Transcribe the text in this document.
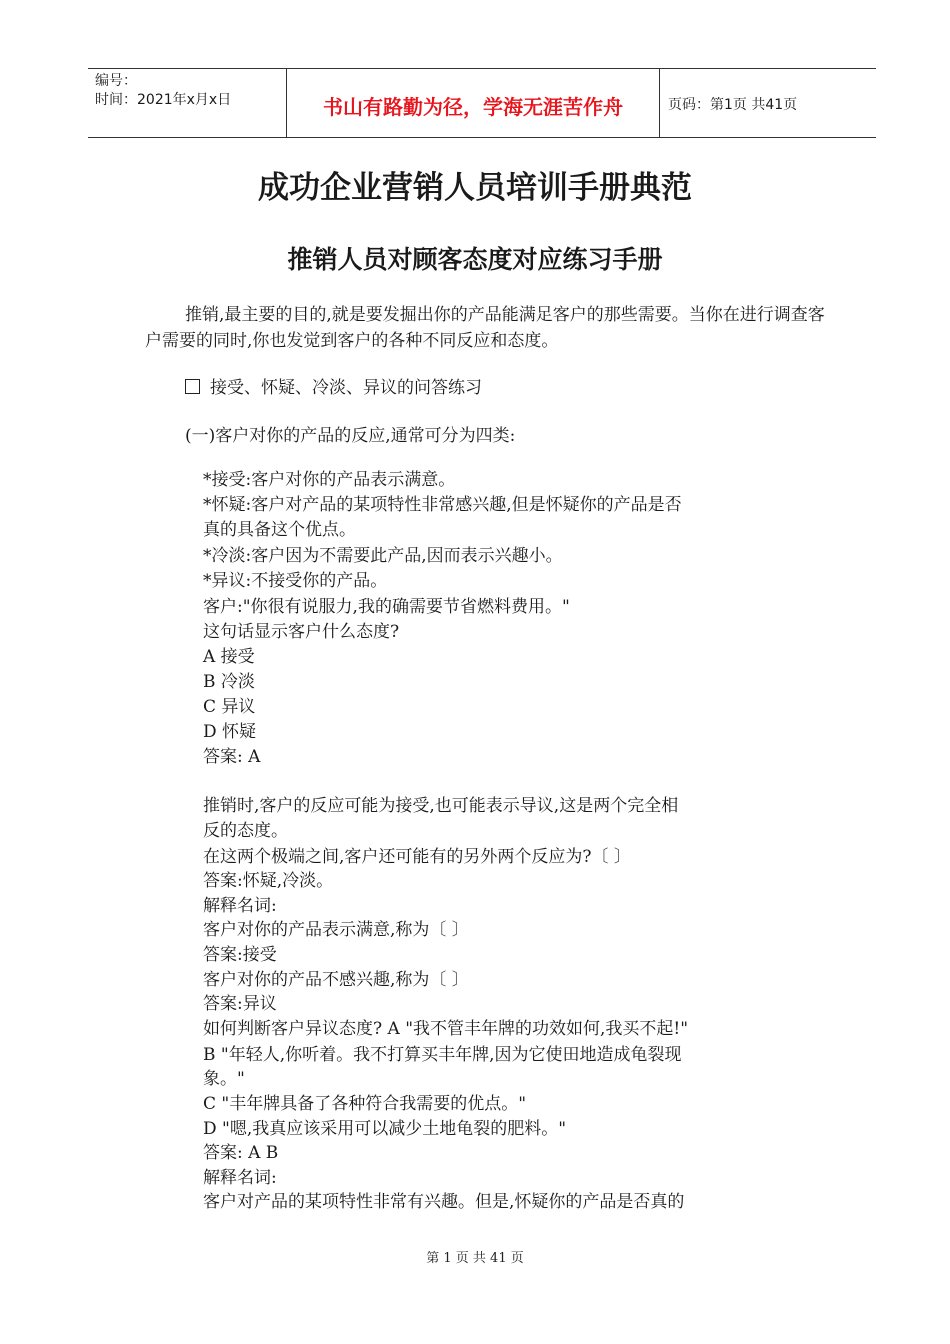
编号：
时间：2021年x月x日	书山有路勤为径，学海无涯苦作舟	页码：第1页 共41页
成功企业营销人员培训手册典范
推销人员对顾客态度对应练习手册

推销,最主要的目的,就是要发掘出你的产品能满足客户的那些需要。当你在进行调查客户需要的同时,你也发觉到客户的各种不同反应和态度。

接受、怀疑、冷淡、异议的问答练习
(一)客户对你的产品的反应,通常可分为四类:
*接受:客户对你的产品表示满意。
*怀疑:客户对产品的某项特性非常感兴趣,但是怀疑你的产品是否
真的具备这个优点。
*冷淡:客户因为不需要此产品,因而表示兴趣小。
*异议:不接受你的产品。
客户:"你很有说服力,我的确需要节省燃料费用。"
这句话显示客户什么态度?
A 接受
B 冷淡
C 异议
D 怀疑
答案: A
推销时,客户的反应可能为接受,也可能表示导议,这是两个完全相
反的态度。
在这两个极端之间,客户还可能有的另外两个反应为?〔 〕
答案:怀疑,冷淡。
解释名词:
客户对你的产品表示满意,称为〔 〕
答案:接受
客户对你的产品不感兴趣,称为〔 〕
答案:异议
如何判断客户异议态度? A "我不管丰年牌的功效如何,我买不起!"
B "年轻人,你听着。我不打算买丰年牌,因为它使田地造成龟裂现
象。"
C "丰年牌具备了各种符合我需要的优点。"
D "嗯,我真应该采用可以减少土地龟裂的肥料。"
答案: A B
解释名词:
客户对产品的某项特性非常有兴趣。但是,怀疑你的产品是否真的
第 1 页 共 41 页
